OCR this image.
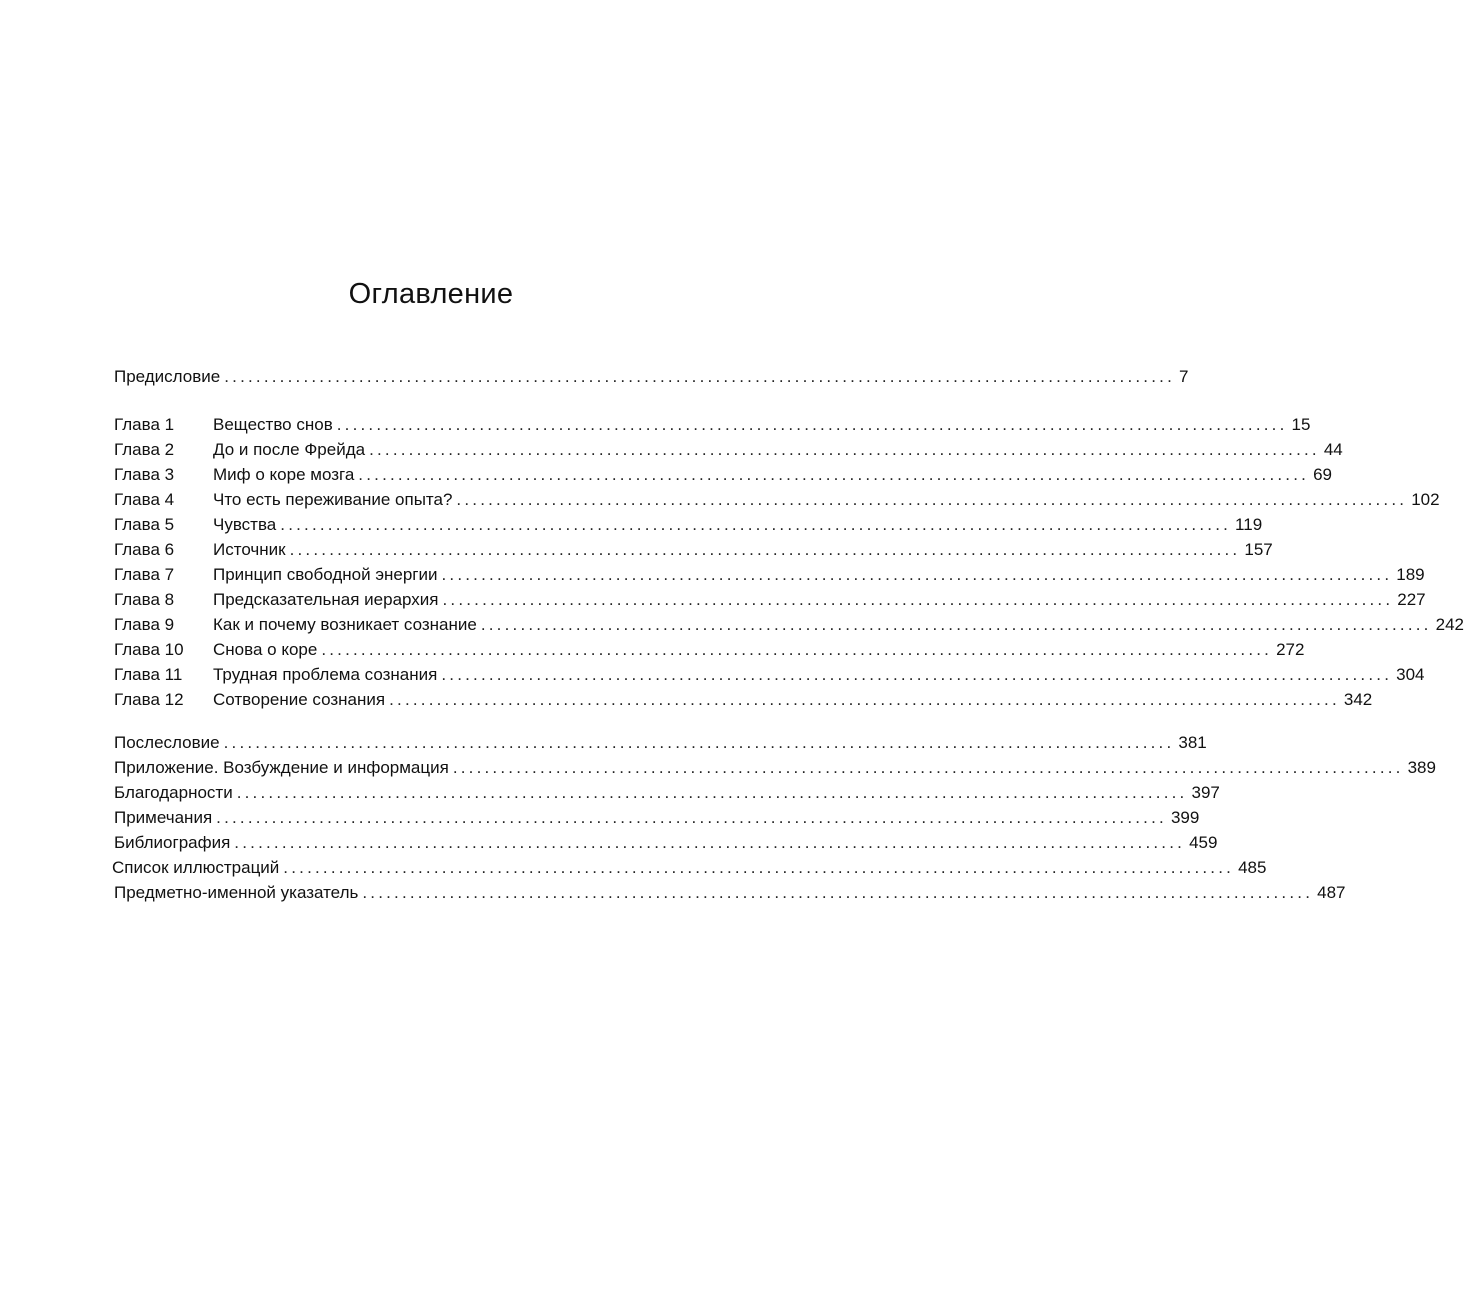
Оглавление
Предисловие ........................................................................................................................ 7
Глава 1	Вещество снов ........................................................................................................................ 15
Глава 2	До и после Фрейда ........................................................................................................................ 44
Глава 3	Миф о коре мозга ........................................................................................................................ 69
Глава 4	Что есть переживание опыта? ........................................................................................................................ 102
Глава 5	Чувства ........................................................................................................................ 119
Глава 6	Источник ........................................................................................................................ 157
Глава 7	Принцип свободной энергии ........................................................................................................................ 189
Глава 8	Предсказательная иерархия ........................................................................................................................ 227
Глава 9	Как и почему возникает сознание ........................................................................................................................ 242
Глава 10	Снова о коре ........................................................................................................................ 272
Глава 11	Трудная проблема сознания ........................................................................................................................ 304
Глава 12	Сотворение сознания ........................................................................................................................ 342
Послесловие ........................................................................................................................ 381
Приложение. Возбуждение и информация ........................................................................................................................ 389
Благодарности ........................................................................................................................ 397
Примечания ........................................................................................................................ 399
Библиография ........................................................................................................................ 459
Список иллюстраций ........................................................................................................................ 485
Предметно-именной указатель ........................................................................................................................ 487
